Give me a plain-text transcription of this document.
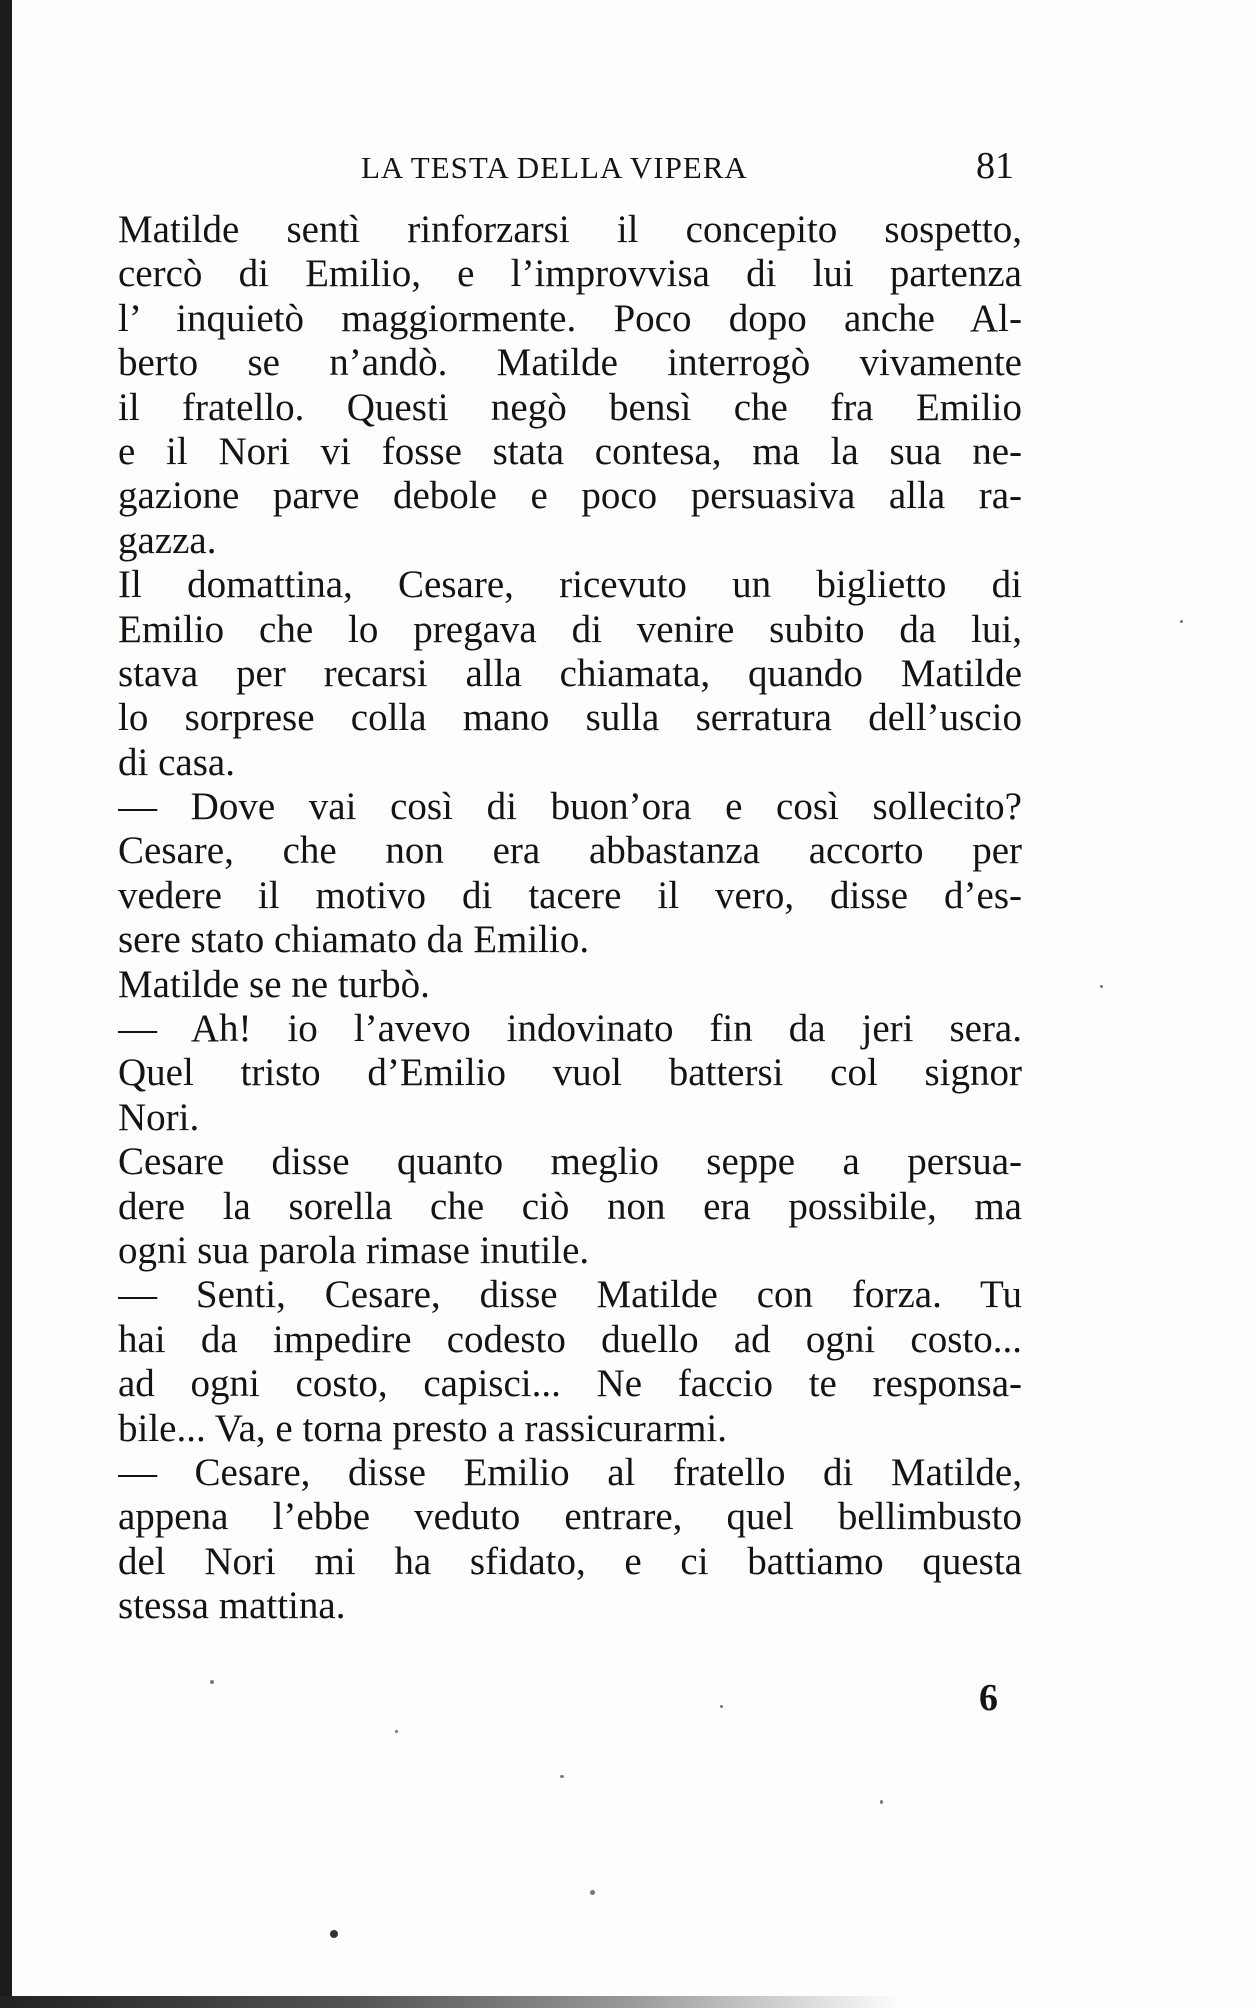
LA TESTA DELLA VIPERA	81
Matilde sentì rinforzarsi il concepito sospetto,
cercò di Emilio, e l’improvvisa di lui partenza
l’ inquietò maggiormente. Poco dopo anche Al-
berto se n’andò. Matilde interrogò vivamente
il fratello. Questi negò bensì che fra Emilio
e il Nori vi fosse stata contesa, ma la sua ne-
gazione parve debole e poco persuasiva alla ra-
gazza.
Il domattina, Cesare, ricevuto un biglietto di
Emilio che lo pregava di venire subito da lui,
stava per recarsi alla chiamata, quando Matilde
lo sorprese colla mano sulla serratura dell’uscio
di casa.
— Dove vai così di buon’ora e così sollecito?
Cesare, che non era abbastanza accorto per
vedere il motivo di tacere il vero, disse d’es-
sere stato chiamato da Emilio.
Matilde se ne turbò.
— Ah! io l’avevo indovinato fin da jeri sera.
Quel tristo d’Emilio vuol battersi col signor
Nori.
Cesare disse quanto meglio seppe a persua-
dere la sorella che ciò non era possibile, ma
ogni sua parola rimase inutile.
— Senti, Cesare, disse Matilde con forza. Tu
hai da impedire codesto duello ad ogni costo...
ad ogni costo, capisci... Ne faccio te responsa-
bile... Va, e torna presto a rassicurarmi.
— Cesare, disse Emilio al fratello di Matilde,
appena l’ebbe veduto entrare, quel bellimbusto
del Nori mi ha sfidato, e ci battiamo questa
stessa mattina.
6
